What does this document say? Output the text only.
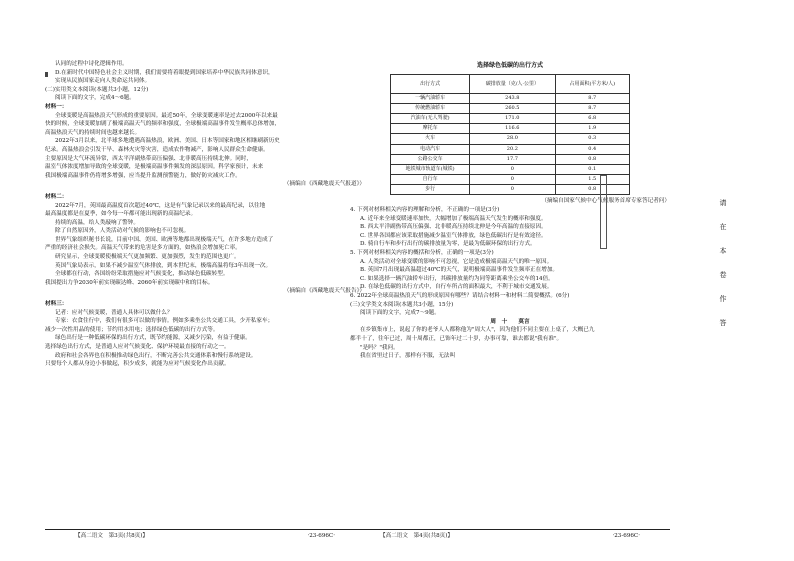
认同的过程中诗化逻辑作用。
D.在新时代中国特色社会主义时期，我们需要将着眼提到国家培养中华民族共同体意识，
实现从民族国家走向人类命运共同体。
(二)实用类文本阅读(本题共3小题，12分)
阅读下面的文字，完成4～6题。
材料一：
全球变暖是高温热浪天气形成的重要原因。最近50年，全球变暖速率是过去2000年以来最
快的时候，全球变暖加剧了极端高温天气的频率和强度，全球极端高温事件发生概率总体增加，
高温热浪天气的持续时间也越来越长。
2022年3月以来，北半球多地遭遇高温热浪，欧洲、美国、日本等国家和地区相继刷新历史
纪录。高温热浪会引发干旱、森林火灾等灾害，造成农作物减产，影响人民群众生命健康。
主要原因是大气环流异常，西太平洋副热带高压偏强、北非暖高压持续北伸。同时，
温室气体浓度增加导致的全球变暖，是极端高温事件频发的深层原因。科学家预计，未来
我国极端高温事件仍将增多增强，应当提升监测预警能力，做好防灾减灾工作。
（摘编自《西藏地震天气报道》）
材料二：
2022年7月，英国最高温度首次超过40℃，这是有气象记录以来的最高纪录，以往地
最高温度都是在夏季，如今每一年都可能出现新的高温纪录。
持续的高温，给人类敲响了警钟。
除了自然原因外，人类活动对气候的影响也不可忽视。
世界气象组织秘书长说，目前中国、美国、欧洲等地都出现极端天气，在许多地方造成了
严重的经济社会损失。高温天气带来的危害是多方面的，如热浪会增加死亡率。
研究显示，全球变暖使极端天气更加频繁、更加强烈，发生的范围也更广。
英国气象局表示，如果不减少温室气体排放，到本世纪末，极端高温将每3年出现一次。
全球都在行动，各国纷纷采取措施应对气候变化，推动绿色低碳转型。
我国提出力争2030年前实现碳达峰、2060年前实现碳中和的目标。
（摘编自《西藏地震天气报告》）
材料三：
记者：应对气候变暖，普通人具体可以做什么？
专家：衣食住行中，我们有很多可以做的事情。例如多乘坐公共交通工具，少开私家车；
减少一次性用品的使用；节约用水用电；选择绿色低碳的出行方式等。
绿色出行是一种低碳环保的出行方式，既节约能源，又减少污染，有益于健康。
选择绿色出行方式，是普通人应对气候变化、保护环境最直接的行动之一。
政府和社会各界也在积极推动绿色出行，不断完善公共交通体系和慢行系统建设。
只要每个人都从身边小事做起，积少成多，就能为应对气候变化作出贡献。
【高二语文　第3页(共8页)】	·23-696C·
选择绿色低碳的出行方式
出行方式	碳排放量（克/人·公里）	占用面积(平方米/人)
一辆汽油轿车	243.8	8.7
传统燃油轿车	260.5	8.7
汽油车(无人驾驶)	171.0	6.8
摩托车	116.6	1.9
火车	28.0	0.3
电动汽车	20.2	0.4
公路公交车	17.7	0.8
地铁城市轨道车(城铁)	0	0.1
自行车	0	1.5
步行	0	0.8
（摘编自国家气候中心气候服务首席专家答记者问）
4. 下列对材料相关内容的理解和分析，不正确的一项是(3分)
A. 近年来全球变暖速率加快，大幅增加了极端高温天气发生的概率和强度。
B. 西太平洋副热带高压偏强、北非暖高压持续北伸是今年高温的直接原因。
C. 世界各国都应该采取措施减少温室气体排放，绿色低碳出行是有效途径。
D. 骑自行车和步行出行的碳排放量为零，是最为低碳环保的出行方式。
5. 下列对材料相关内容的概括和分析，正确的一项是(3分)
A. 人类活动对全球变暖的影响不可忽视，它是造成极端高温天气的唯一原因。
B. 英国7月出现最高温超过40℃的天气，说明极端高温事件发生频率正在增加。
C. 如果选择一辆汽油轿车出行，其碳排放量约为同等距离乘坐公交车的14倍。
D. 在绿色低碳的出行方式中，自行车所占的面积最大，不利于城市交通发展。
6. 2022年全球高温热浪天气的形成原因有哪些？请结合材料一和材料二简要概括。(6分)
(三)文学类文本阅读(本题共3小题，15分)
阅读下面的文字，完成7～9题。
周　十　　莫言　
在乡镇集市上，说起了你的老爷人人都称他为"周大人"，因为他们不同主要在上桌了，大概已九
都半十了，往年已过，周十周都正，已饰年过二十岁，办事可靠，谁去都说"我有准"。
"是吗？"我问。
我在省里过日子，那样有不服，无法叫
【高二语文　第4页(共8页)】	·23-696C·
请
在
本
卷
作
答
